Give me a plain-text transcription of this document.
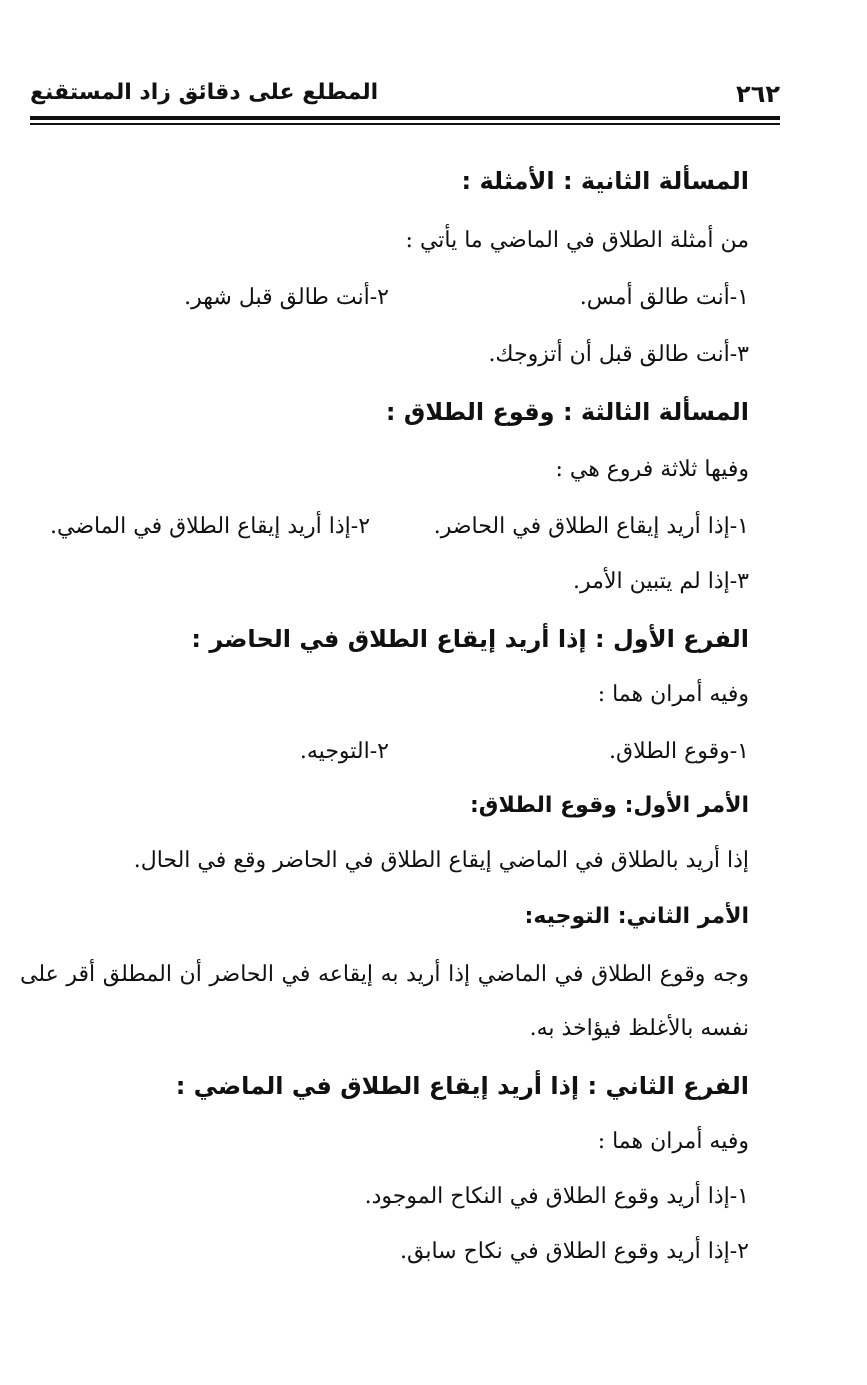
٢٦٢
المطلع على دقائق زاد المستقنع
المسألة الثانية : الأمثلة :
من أمثلة الطلاق في الماضي ما يأتي :
١-أنت طالق أمس.
٢-أنت طالق قبل شهر.
٣-أنت طالق قبل أن أتزوجك.
المسألة الثالثة : وقوع الطلاق :
وفيها ثلاثة فروع هي :
١-إذا أريد إيقاع الطلاق في الحاضر.
٢-إذا أريد إيقاع الطلاق في الماضي.
٣-إذا لم يتبين الأمر.
الفرع الأول : إذا أريد إيقاع الطلاق في الحاضر :
وفيه أمران هما :
١-وقوع الطلاق.
٢-التوجيه.
الأمر الأول: وقوع الطلاق:
إذا أريد بالطلاق في الماضي إيقاع الطلاق في الحاضر وقع في الحال.
الأمر الثاني: التوجيه:
وجه وقوع الطلاق في الماضي إذا أريد به إيقاعه في الحاضر أن المطلق أقر على
نفسه بالأغلظ فيؤاخذ به.
الفرع الثاني : إذا أريد إيقاع الطلاق في الماضي :
وفيه أمران هما :
١-إذا أريد وقوع الطلاق في النكاح الموجود.
٢-إذا أريد وقوع الطلاق في نكاح سابق.
